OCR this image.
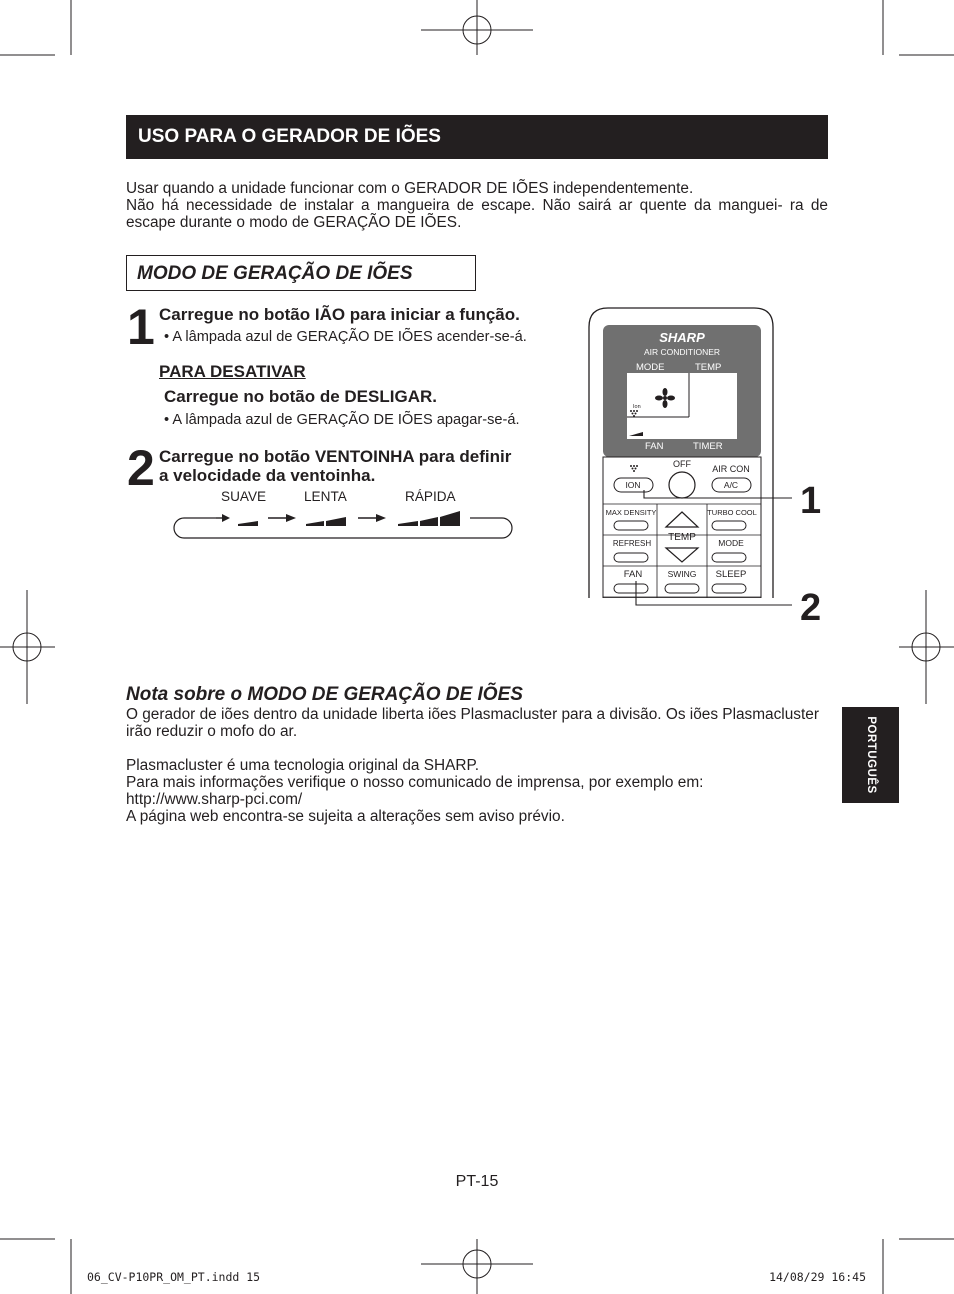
USO PARA O GERADOR DE IÕES

Usar quando a unidade funcionar com o GERADOR DE IÕES independentemente.

Não há necessidade de instalar a mangueira de escape. Não sairá ar quente da manguei- ra de escape durante o modo de GERAÇÃO DE IÕES.

MODO DE GERAÇÃO DE IÕES
1 Carregue no botão IÃO para iniciar a função.
• A lâmpada azul de GERAÇÃO DE IÕES acender-se-á.
PARA DESATIVAR
Carregue no botão de DESLIGAR.
• A lâmpada azul de GERAÇÃO DE IÕES apagar-se-á.
2 Carregue no botão VENTOINHA para definir
a velocidade da ventoinha.
SUAVE	LENTA	RÁPIDA
SHARP
AIR CONDITIONER
MODE	TEMP
Ion
FAN	TIMER
OFF AIR CON
ION	A/C
MAX DENSITY	TURBO COOL
REFRESH
TEMP	MODE
FAN	SWING SLEEP
1
2
Nota sobre o MODO DE GERAÇÃO DE IÕES

O gerador de iões dentro da unidade liberta iões Plasmacluster para a divisão. Os iões Plasmacluster irão reduzir o mofo do ar.

Plasmacluster é uma tecnologia original da SHARP.
Para mais informações verifique o nosso comunicado de imprensa, por exemplo em:
http://www.sharp-pci.com/
A página web encontra-se sujeita a alterações sem aviso prévio.

PORTUGUÊS
PT-15
06_CV-P10PR_OM_PT.indd 15	14/08/29 16:45
